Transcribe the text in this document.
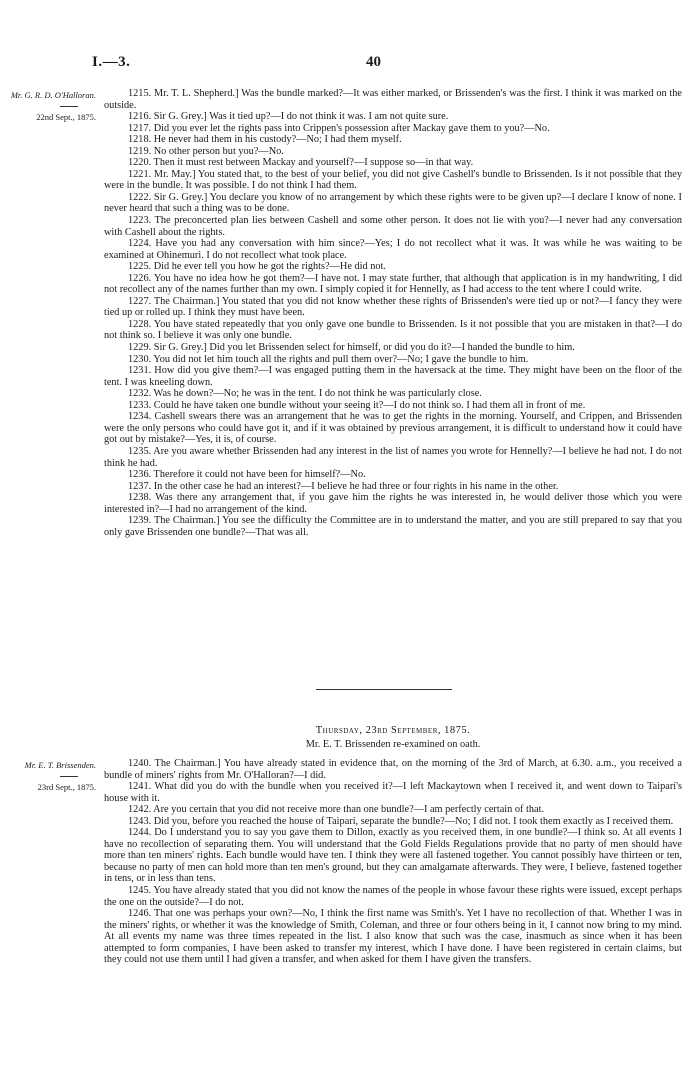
I.—3.	40
Mr. G. R. D. O'Halloran.
22nd Sept., 1875.

1215. Mr. T. L. Shepherd.] Was the bundle marked?—It was either marked, or Brissenden's was the first. I think it was marked on the outside.

1216. Sir G. Grey.] Was it tied up?—I do not think it was. I am not quite sure.

1217. Did you ever let the rights pass into Crippen's possession after Mackay gave them to you?—No.

1218. He never had them in his custody?—No; I had them myself.

1219. No other person but you?—No.

1220. Then it must rest between Mackay and yourself?—I suppose so—in that way.

1221. Mr. May.] You stated that, to the best of your belief, you did not give Cashell's bundle to Brissenden. Is it not possible that they were in the bundle. It was possible. I do not think I had them.

1222. Sir G. Grey.] You declare you know of no arrangement by which these rights were to be given up?—I declare I know of none. I never heard that such a thing was to be done.

1223. The preconcerted plan lies between Cashell and some other person. It does not lie with you?—I never had any conversation with Cashell about the rights.

1224. Have you had any conversation with him since?—Yes; I do not recollect what it was. It was while he was waiting to be examined at Ohinemuri. I do not recollect what took place.

1225. Did he ever tell you how he got the rights?—He did not.

1226. You have no idea how he got them?—I have not. I may state further, that although that application is in my handwriting, I did not recollect any of the names further than my own. I simply copied it for Hennelly, as I had access to the tent where I could write.

1227. The Chairman.] You stated that you did not know whether these rights of Brissenden's were tied up or not?—I fancy they were tied up or rolled up. I think they must have been.

1228. You have stated repeatedly that you only gave one bundle to Brissenden. Is it not possible that you are mistaken in that?—I do not think so. I believe it was only one bundle.

1229. Sir G. Grey.] Did you let Brissenden select for himself, or did you do it?—I handed the bundle to him.

1230. You did not let him touch all the rights and pull them over?—No; I gave the bundle to him.

1231. How did you give them?—I was engaged putting them in the haversack at the time. They might have been on the floor of the tent. I was kneeling down.

1232. Was he down?—No; he was in the tent. I do not think he was particularly close.

1233. Could he have taken one bundle without your seeing it?—I do not think so. I had them all in front of me.

1234. Cashell swears there was an arrangement that he was to get the rights in the morning. Yourself, and Crippen, and Brissenden were the only persons who could have got it, and if it was obtained by previous arrangement, it is difficult to understand how it could have got out by mistake?—Yes, it is, of course.

1235. Are you aware whether Brissenden had any interest in the list of names you wrote for Hennelly?—I believe he had not. I do not think he had.

1236. Therefore it could not have been for himself?—No.

1237. In the other case he had an interest?—I believe he had three or four rights in his name in the other.

1238. Was there any arrangement that, if you gave him the rights he was interested in, he would deliver those which you were interested in?—I had no arrangement of the kind.

1239. The Chairman.] You see the difficulty the Committee are in to understand the matter, and you are still prepared to say that you only gave Brissenden one bundle?—That was all.

Thursday, 23rd September, 1875.

Mr. E. T. Brissenden re-examined on oath.

Mr. E. T. Brissenden.
23rd Sept., 1875.

1240. The Chairman.] You have already stated in evidence that, on the morning of the 3rd of March, at 6.30. a.m., you received a bundle of miners' rights from Mr. O'Halloran?—I did.

1241. What did you do with the bundle when you received it?—I left Mackaytown when I received it, and went down to Taipari's house with it.

1242. Are you certain that you did not receive more than one bundle?—I am perfectly certain of that.

1243. Did you, before you reached the house of Taipari, separate the bundle?—No; I did not. I took them exactly as I received them.

1244. Do I understand you to say you gave them to Dillon, exactly as you received them, in one bundle?—I think so. At all events I have no recollection of separating them. You will understand that the Gold Fields Regulations provide that no party of men should have more than ten miners' rights. Each bundle would have ten. I think they were all fastened together. You cannot possibly have thirteen or ten, because no party of men can hold more than ten men's ground, but they can amalgamate afterwards. They were, I believe, fastened together in tens, or in less than tens.

1245. You have already stated that you did not know the names of the people in whose favour these rights were issued, except perhaps the one on the outside?—I do not.

1246. That one was perhaps your own?—No, I think the first name was Smith's. Yet I have no recollection of that. Whether I was in the miners' rights, or whether it was the knowledge of Smith, Coleman, and three or four others being in it, I cannot now bring to my mind. At all events my name was three times repeated in the list. I also know that such was the case, inasmuch as since when it has been attempted to form companies, I have been asked to transfer my interest, which I have done. I have been registered in certain claims, but they could not use them until I had given a transfer, and when asked for them I have given the transfers.
